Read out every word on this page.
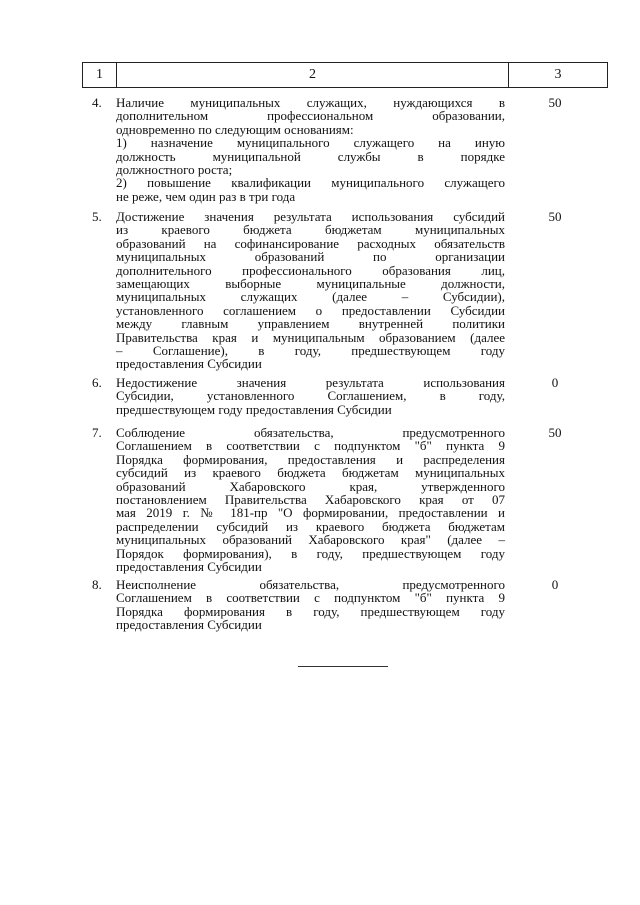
1	2	3
4. Наличие муниципальных служащих, нуждающихся в
дополнительном профессиональном образовании,
одновременно по следующим основаниям:
1) назначение муниципального служащего на иную
должность муниципальной службы в порядке
должностного роста;
2) повышение квалификации муниципального служащего
не реже, чем один раз в три года
50
5. Достижение значения результата использования субсидий
из краевого бюджета бюджетам муниципальных
образований на софинансирование расходных обязательств
муниципальных образований по организации
дополнительного профессионального образования лиц,
замещающих выборные муниципальные должности,
муниципальных служащих (далее – Субсидии),
установленного соглашением о предоставлении Субсидии
между главным управлением внутренней политики
Правительства края и муниципальным образованием (далее
– Соглашение), в году, предшествующем году
предоставления Субсидии
50
6. Недостижение значения результата использования
Субсидии, установленного Соглашением, в году,
предшествующем году предоставления Субсидии
0
7. Соблюдение обязательства, предусмотренного
Соглашением в соответствии с подпунктом "б" пункта 9
Порядка формирования, предоставления и распределения
субсидий из краевого бюджета бюджетам муниципальных
образований Хабаровского края, утвержденного
постановлением Правительства Хабаровского края от 07
мая 2019 г. № 181-пр "О формировании, предоставлении и
распределении субсидий из краевого бюджета бюджетам
муниципальных образований Хабаровского края" (далее –
Порядок формирования), в году, предшествующем году
предоставления Субсидии
50
8. Неисполнение обязательства, предусмотренного
Соглашением в соответствии с подпунктом "б" пункта 9
Порядка формирования в году, предшествующем году
предоставления Субсидии
0
